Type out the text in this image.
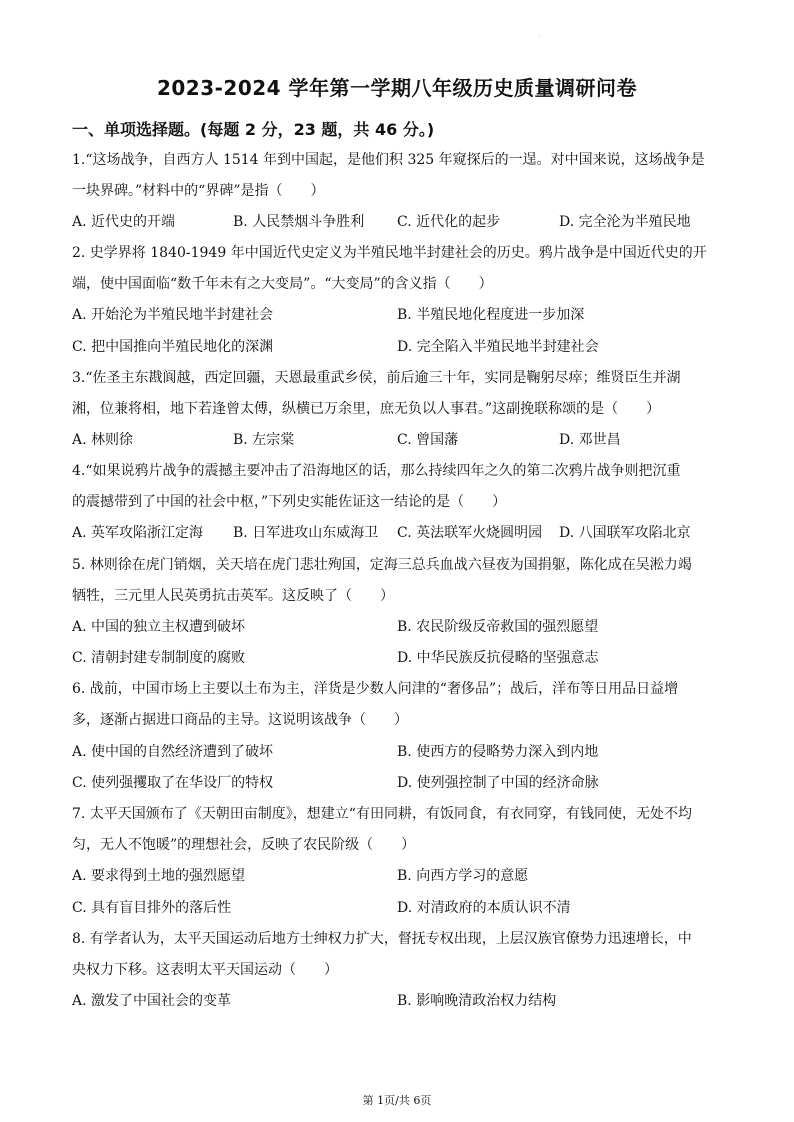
·
2023-2024 学年第一学期八年级历史质量调研问卷
一、单项选择题。(每题 2 分，23 题，共 46 分。)
1.“这场战争，自西方人 1514 年到中国起，是他们积 325 年窥探后的一逞。对中国来说，这场战争是
一块界碑。”材料中的“界碑”是指（　　）
A. 近代史的开端	B. 人民禁烟斗争胜利 C. 近代化的起步	D. 完全沦为半殖民地
2. 史学界将 1840-1949 年中国近代史定义为半殖民地半封建社会的历史。鸦片战争是中国近代史的开
端，使中国面临“数千年未有之大变局”。“大变局”的含义指（　　）
A. 开始沦为半殖民地半封建社会	B. 半殖民地化程度进一步加深
C. 把中国推向半殖民地化的深渊	D. 完全陷入半殖民地半封建社会
3.“佐圣主东戡阆越，西定回疆，天恩最重武乡侯，前后逾三十年，实同是鞠躬尽瘁；维贤臣生并湖
湘，位兼将相，地下若逢曾太傅，纵横已万余里，庶无负以人事君。”这副挽联称颂的是（　　）
A. 林则徐	B. 左宗棠	C. 曾国藩	D. 邓世昌
4.“如果说鸦片战争的震撼主要冲击了沿海地区的话，那么持续四年之久的第二次鸦片战争则把沉重
的震撼带到了中国的社会中枢，”下列史实能佐证这一结论的是（　　）
A. 英军攻陷浙江定海 B. 日军进攻山东威海卫 C. 英法联军火烧圆明园 D. 八国联军攻陷北京
5. 林则徐在虎门销烟，关天培在虎门悲壮殉国，定海三总兵血战六昼夜为国捐躯，陈化成在吴淞力竭
牺牲，三元里人民英勇抗击英军。这反映了（　　）
A. 中国的独立主权遭到破坏	B. 农民阶级反帝救国的强烈愿望
C. 清朝封建专制制度的腐败	D. 中华民族反抗侵略的坚强意志
6. 战前，中国市场上主要以土布为主，洋货是少数人问津的“奢侈品”；战后，洋布等日用品日益增
多，逐渐占据进口商品的主导。这说明该战争（　　）
A. 使中国的自然经济遭到了破坏	B. 使西方的侵略势力深入到内地
C. 使列强攫取了在华设厂的特权	D. 使列强控制了中国的经济命脉
7. 太平天国颁布了《天朝田亩制度》，想建立“有田同耕，有饭同食，有衣同穿，有钱同使，无处不均
匀，无人不饱暖”的理想社会，反映了农民阶级（　　）
A. 要求得到土地的强烈愿望	B. 向西方学习的意愿
C. 具有盲目排外的落后性	D. 对清政府的本质认识不清
8. 有学者认为，太平天国运动后地方士绅权力扩大，督抚专权出现，上层汉族官僚势力迅速增长，中
央权力下移。这表明太平天国运动（　　）
A. 激发了中国社会的变革	B. 影响晚清政治权力结构
第 1页/共 6页
